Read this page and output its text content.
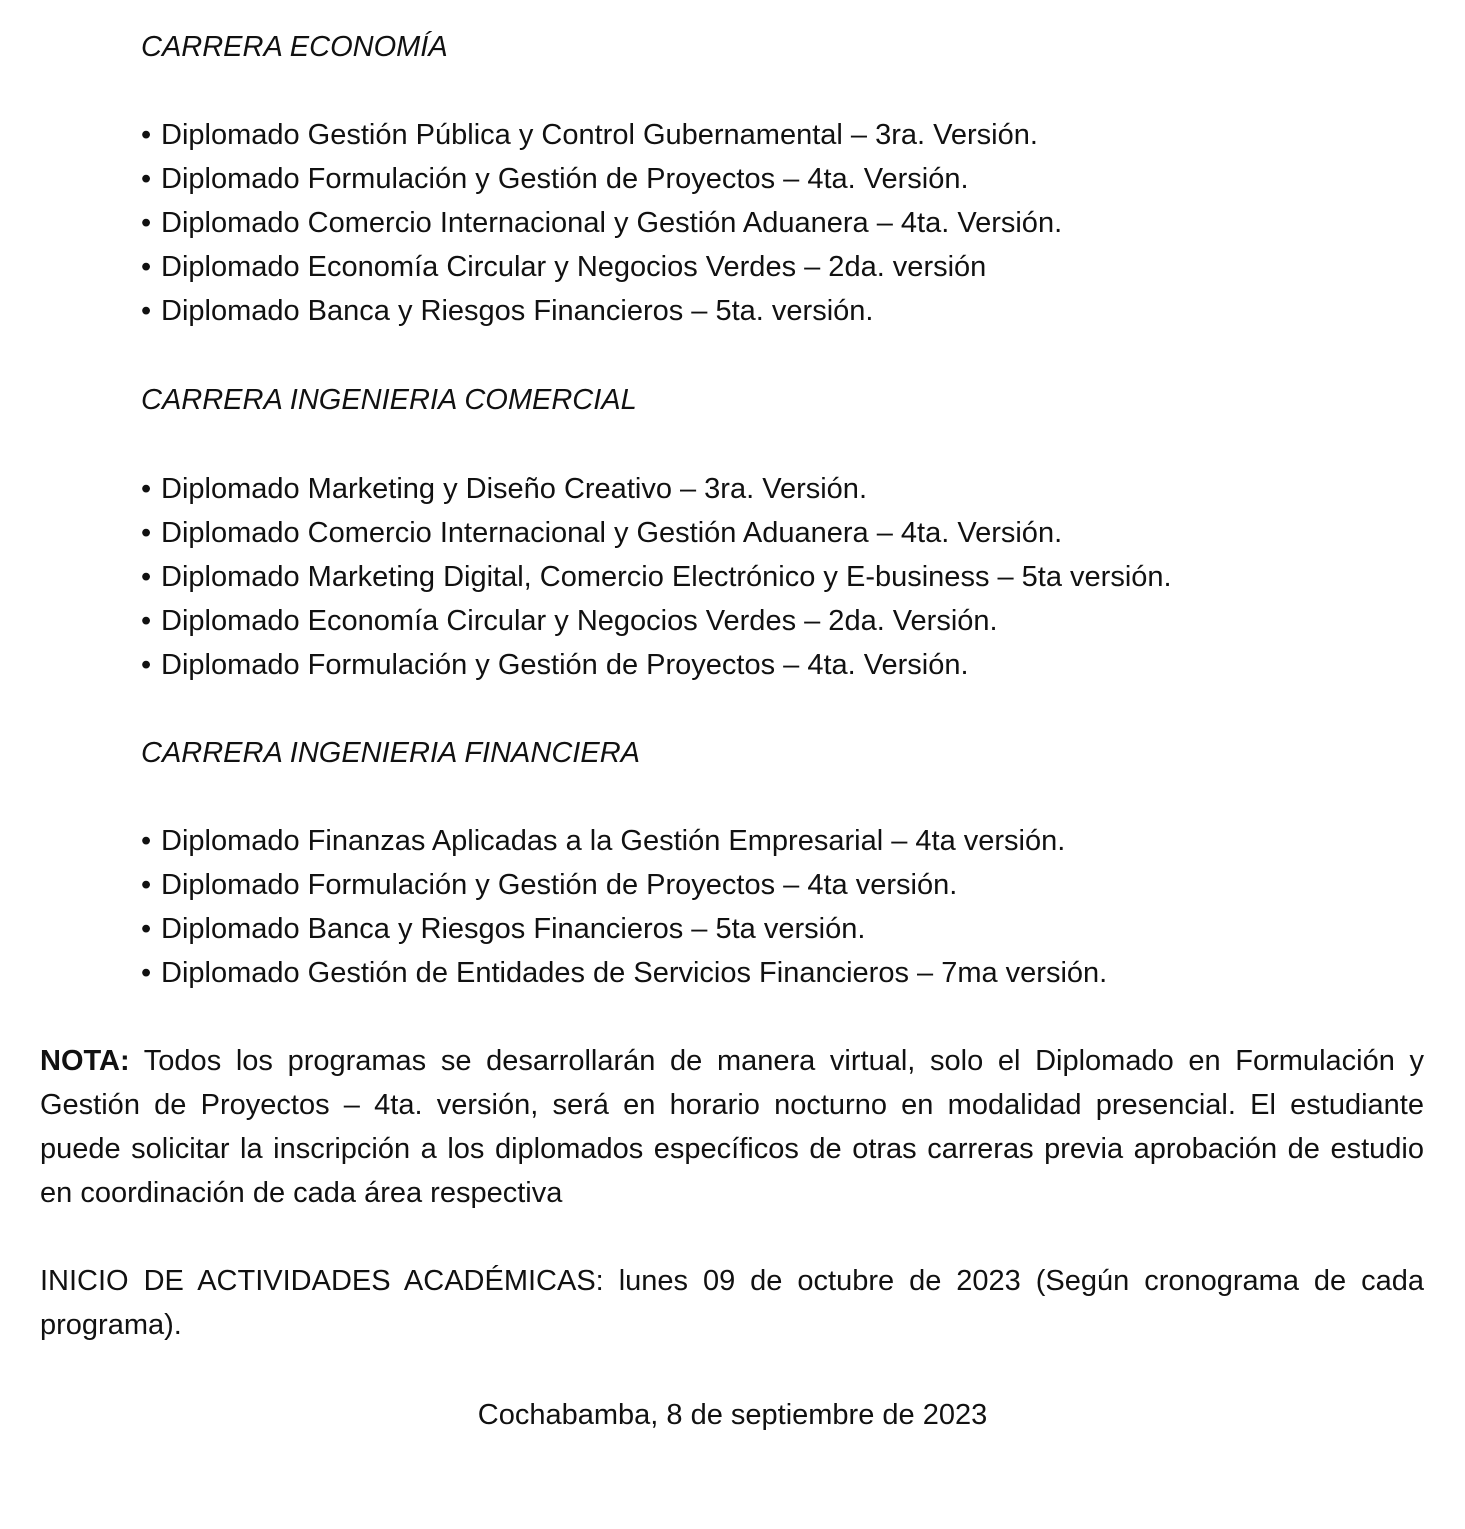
CARRERA ECONOMÍA
• Diplomado Gestión Pública y Control Gubernamental – 3ra. Versión.
• Diplomado Formulación y Gestión de Proyectos – 4ta. Versión.
• Diplomado Comercio Internacional y Gestión Aduanera – 4ta. Versión.
• Diplomado Economía Circular y Negocios Verdes – 2da. versión
• Diplomado Banca y Riesgos Financieros – 5ta. versión.
CARRERA INGENIERIA COMERCIAL
• Diplomado Marketing y Diseño Creativo – 3ra. Versión.
• Diplomado Comercio Internacional y Gestión Aduanera – 4ta. Versión.
• Diplomado Marketing Digital, Comercio Electrónico y E-business – 5ta versión.
• Diplomado Economía Circular y Negocios Verdes – 2da. Versión.
• Diplomado Formulación y Gestión de Proyectos – 4ta. Versión.
CARRERA INGENIERIA FINANCIERA
• Diplomado Finanzas Aplicadas a la Gestión Empresarial – 4ta versión.
• Diplomado Formulación y Gestión de Proyectos – 4ta versión.
• Diplomado Banca y Riesgos Financieros – 5ta versión.
• Diplomado Gestión de Entidades de Servicios Financieros – 7ma versión.

NOTA: Todos los programas se desarrollarán de manera virtual, solo el Diplomado en Formulación y Gestión de Proyectos – 4ta. versión, será en horario nocturno en modalidad presencial. El estudiante puede solicitar la inscripción a los diplomados específicos de otras carreras previa aprobación de estudio en coordinación de cada área respectiva

INICIO DE ACTIVIDADES ACADÉMICAS: lunes 09 de octubre de 2023 (Según cronograma de cada programa).

Cochabamba, 8 de septiembre de 2023
